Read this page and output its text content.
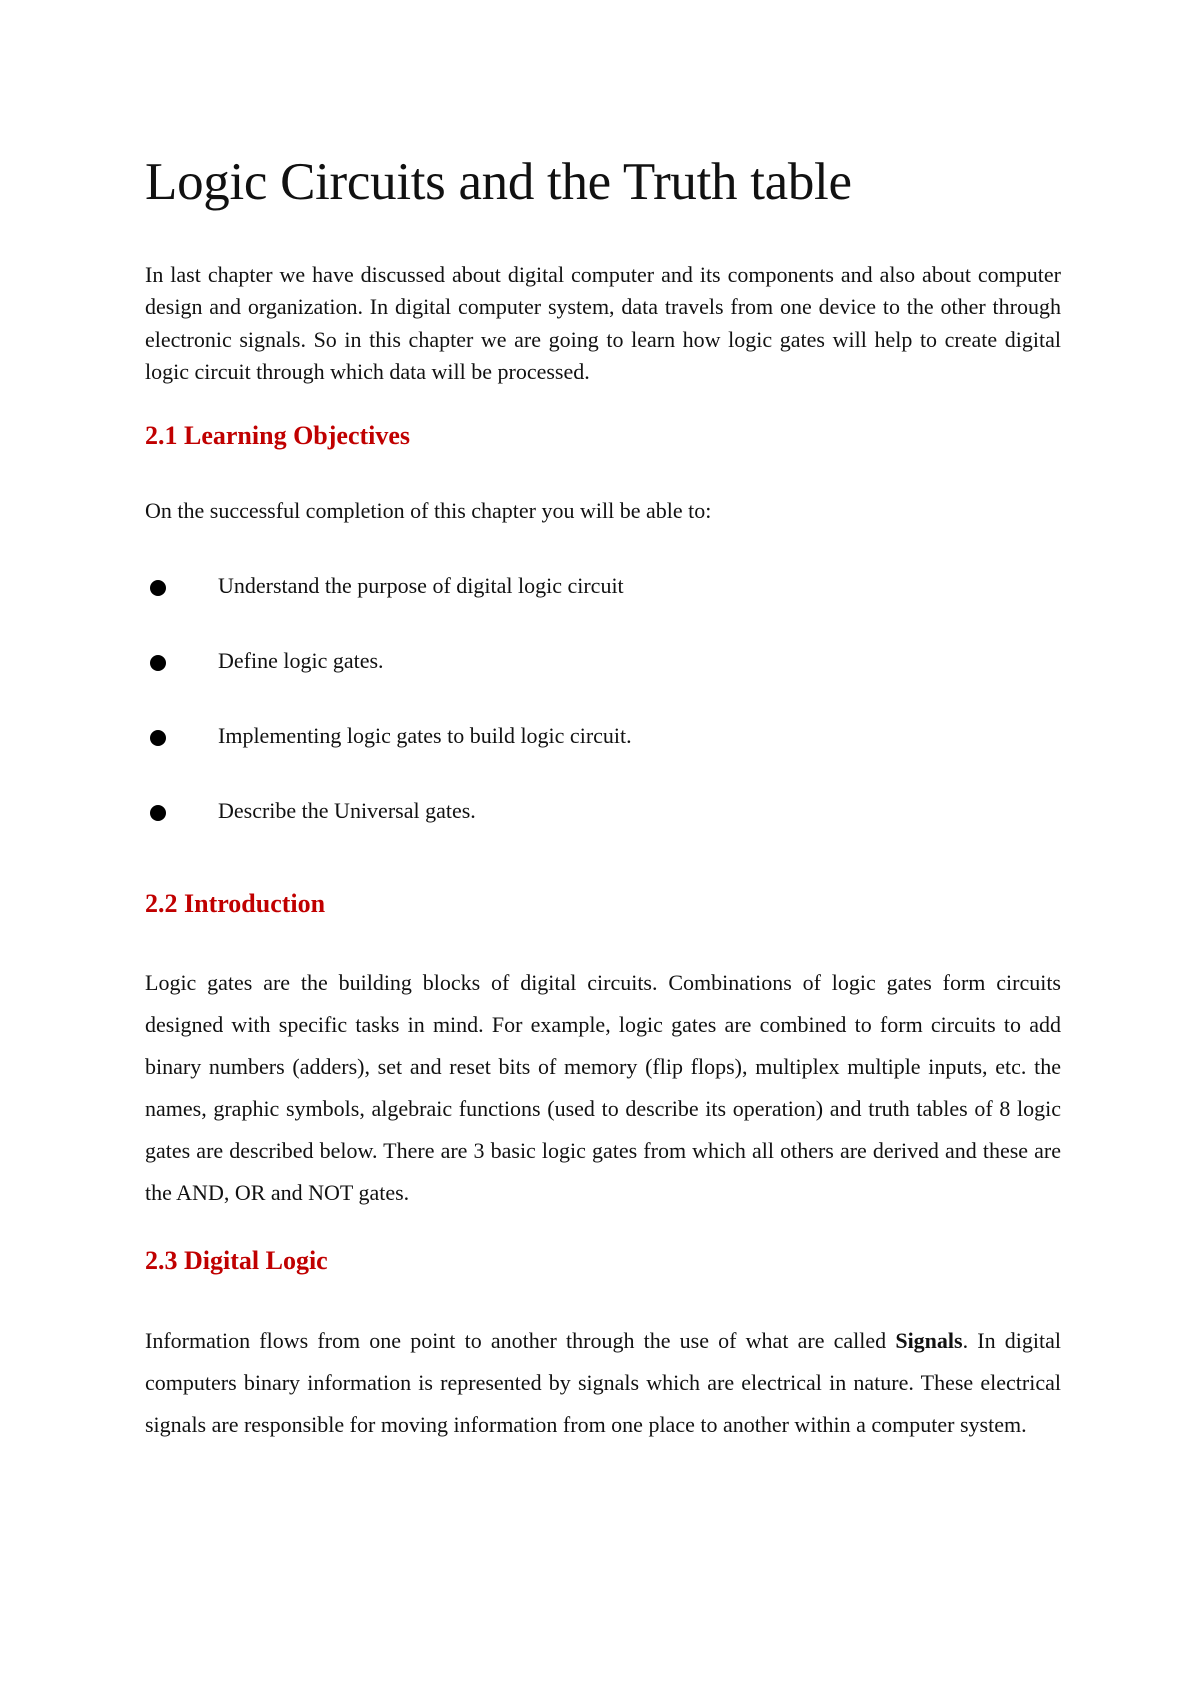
Logic Circuits and the Truth table

In last chapter we have discussed about digital computer and its components and also about computer design and organization. In digital computer system, data travels from one device to the other through electronic signals. So in this chapter we are going to learn how logic gates will help to create digital logic circuit through which data will be processed.

2.1 Learning Objectives

On the successful completion of this chapter you will be able to:

Understand the purpose of digital logic circuit
Define logic gates.
Implementing logic gates to build logic circuit.
Describe the Universal gates.
2.2 Introduction

Logic gates are the building blocks of digital circuits. Combinations of logic gates form circuits designed with specific tasks in mind. For example, logic gates are combined to form circuits to add binary numbers (adders), set and reset bits of memory (flip flops), multiplex multiple inputs, etc. the names, graphic symbols, algebraic functions (used to describe its operation) and truth tables of 8 logic gates are described below. There are 3 basic logic gates from which all others are derived and these are the AND, OR and NOT gates.

2.3 Digital Logic

Information flows from one point to another through the use of what are called Signals. In digital computers binary information is represented by signals which are electrical in nature. These electrical signals are responsible for moving information from one place to another within a computer system.
